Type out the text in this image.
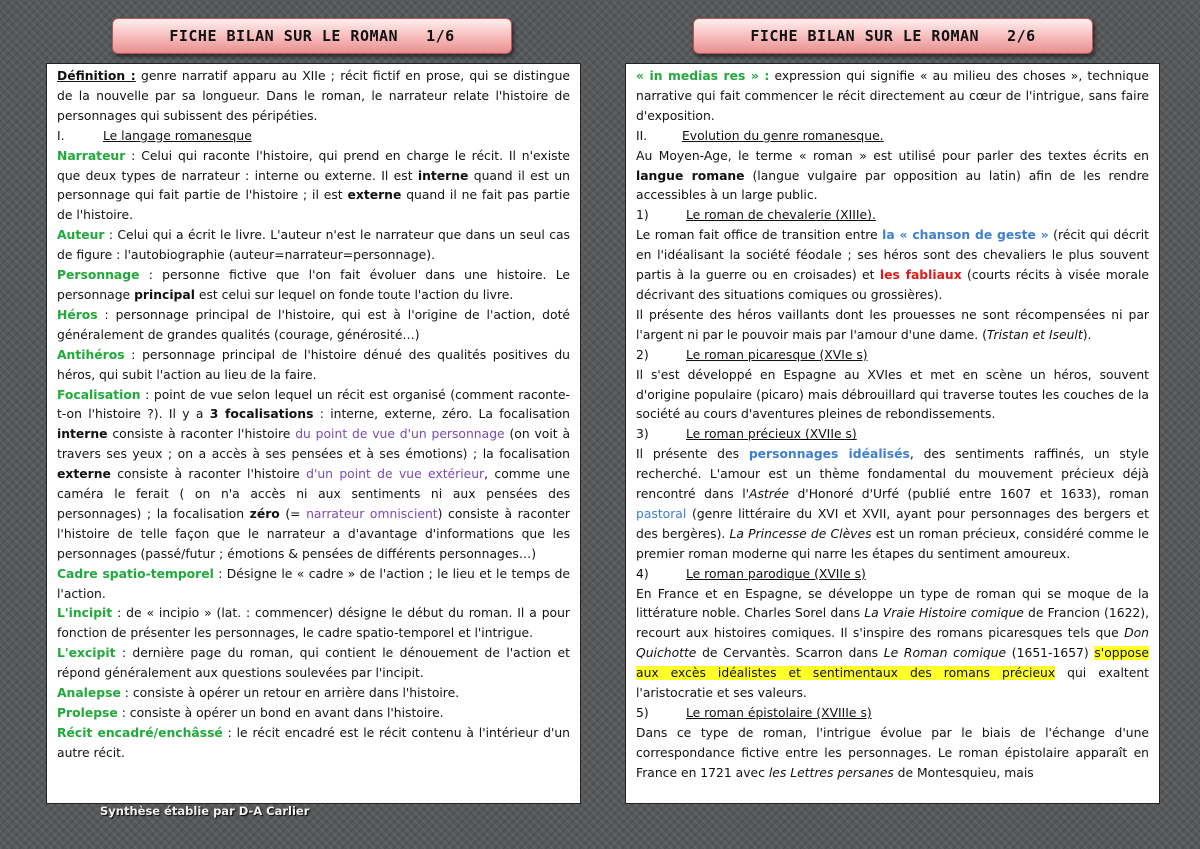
FICHE BILAN SUR LE ROMAN 1/6	FICHE BILAN SUR LE ROMAN 2/6

Définition : genre narratif apparu au XIIe ; récit fictif en prose, qui se distingue de la nouvelle par sa longueur. Dans le roman, le narrateur relate l'histoire de personnages qui subissent des péripéties.

I.	Le langage romanesque

Narrateur : Celui qui raconte l'histoire, qui prend en charge le récit. Il n'existe que deux types de narrateur : interne ou externe. Il est interne quand il est un personnage qui fait partie de l'histoire ; il est externe quand il ne fait pas partie de l'histoire.

Auteur : Celui qui a écrit le livre. L'auteur n'est le narrateur que dans un seul cas de figure : l'autobiographie (auteur=narrateur=personnage).

Personnage : personne fictive que l'on fait évoluer dans une histoire. Le personnage principal est celui sur lequel on fonde toute l'action du livre.

Héros : personnage principal de l'histoire, qui est à l'origine de l'action, doté généralement de grandes qualités (courage, générosité…)

Antihéros : personnage principal de l'histoire dénué des qualités positives du héros, qui subit l'action au lieu de la faire.

Focalisation : point de vue selon lequel un récit est organisé (comment raconte-t-on l'histoire ?). Il y a 3 focalisations : interne, externe, zéro. La focalisation interne consiste à raconter l'histoire du point de vue d'un personnage (on voit à travers ses yeux ; on a accès à ses pensées et à ses émotions) ; la focalisation externe consiste à raconter l'histoire d'un point de vue extérieur, comme une caméra le ferait ( on n'a accès ni aux sentiments ni aux pensées des personnages) ; la focalisation zéro (= narrateur omniscient) consiste à raconter l'histoire de telle façon que le narrateur a d'avantage d'informations que les personnages (passé/futur ; émotions & pensées de différents personnages…)

Cadre spatio-temporel : Désigne le « cadre » de l'action ; le lieu et le temps de l'action.

L'incipit : de « incipio » (lat. : commencer) désigne le début du roman. Il a pour fonction de présenter les personnages, le cadre spatio-temporel et l'intrigue.

L'excipit : dernière page du roman, qui contient le dénouement de l'action et répond généralement aux questions soulevées par l'incipit.

Analepse : consiste à opérer un retour en arrière dans l'histoire.

Prolepse : consiste à opérer un bond en avant dans l'histoire.

Récit encadré/enchâssé : le récit encadré est le récit contenu à l'intérieur d'un autre récit.

« in medias res » : expression qui signifie « au milieu des choses », technique narrative qui fait commencer le récit directement au cœur de l'intrigue, sans faire d'exposition.

II.	Evolution du genre romanesque.

Au Moyen-Age, le terme « roman » est utilisé pour parler des textes écrits en langue romane (langue vulgaire par opposition au latin) afin de les rendre accessibles à un large public.

1)	Le roman de chevalerie (XIIIe).

Le roman fait office de transition entre la « chanson de geste » (récit qui décrit en l'idéalisant la société féodale ; ses héros sont des chevaliers le plus souvent partis à la guerre ou en croisades) et les fabliaux (courts récits à visée morale décrivant des situations comiques ou grossières).

Il présente des héros vaillants dont les prouesses ne sont récompensées ni par l'argent ni par le pouvoir mais par l'amour d'une dame. (Tristan et Iseult).

2)	Le roman picaresque (XVIe s)

Il s'est développé en Espagne au XVIes et met en scène un héros, souvent d'origine populaire (picaro) mais débrouillard qui traverse toutes les couches de la société au cours d'aventures pleines de rebondissements.

3)	Le roman précieux (XVIIe s)

Il présente des personnages idéalisés, des sentiments raffinés, un style recherché. L'amour est un thème fondamental du mouvement précieux déjà rencontré dans l'Astrée d'Honoré d'Urfé (publié entre 1607 et 1633), roman pastoral (genre littéraire du XVI et XVII, ayant pour personnages des bergers et des bergères). La Princesse de Clèves est un roman précieux, considéré comme le premier roman moderne qui narre les étapes du sentiment amoureux.

4)	Le roman parodique (XVIIe s)

En France et en Espagne, se développe un type de roman qui se moque de la littérature noble. Charles Sorel dans La Vraie Histoire comique de Francion (1622), recourt aux histoires comiques. Il s'inspire des romans picaresques tels que Don Quichotte de Cervantès. Scarron dans Le Roman comique (1651-1657) s'oppose aux excès idéalistes et sentimentaux des romans précieux qui exaltent l'aristocratie et ses valeurs.

5)	Le roman épistolaire (XVIIIe s)

Dans ce type de roman, l'intrigue évolue par le biais de l'échange d'une correspondance fictive entre les personnages. Le roman épistolaire apparaît en France en 1721 avec les Lettres persanes de Montesquieu, mais

Synthèse établie par D-A Carlier
